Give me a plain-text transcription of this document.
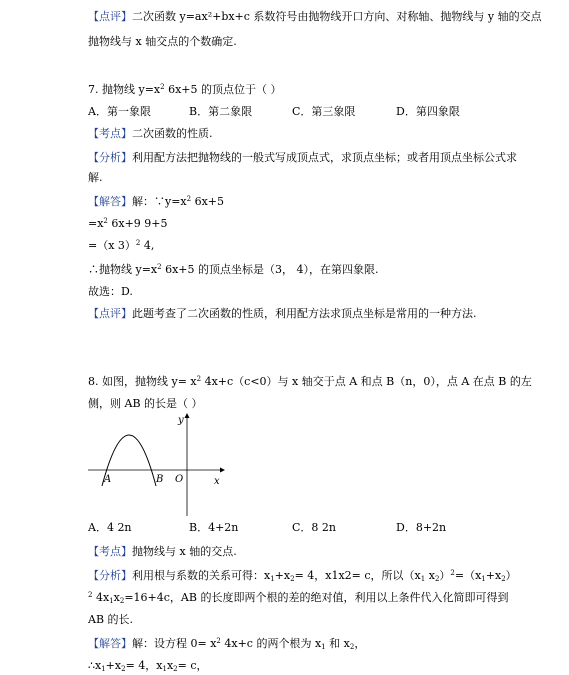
【点评】二次函数 y=ax²+bx+c 系数符号由抛物线开口方向、对称轴、抛物线与 y 轴的交点
抛物线与 x 轴交点的个数确定.
7. 抛物线 $y=x^2$ 6x+5 的顶点位于（ ）
A．第一象限	B．第二象限	C．第三象限	D．第四象限
【考点】二次函数的性质.
【分析】利用配方法把抛物线的一般式写成顶点式，求顶点坐标；或者用顶点坐标公式求
解.
【解答】解：$\because y=x^2$ 6x+5
$=x^2$ 6x+9 9+5
=（x 3）$^2$ 4,
∴抛物线 $y=x^2$ 6x+5 的顶点坐标是（3， 4），在第四象限.
故选：D.
【点评】此题考查了二次函数的性质，利用配方法求顶点坐标是常用的一种方法.
8. 如图，抛物线 $y= x^2$ 4x+c（c<0）与 x 轴交于点 A 和点 B（n，0），点 A 在点 B 的左
侧，则 AB 的长是（ ）
y
x
O
A	B
A．4 2n	B．4+2n	C．8 2n	D．8+2n
【考点】抛物线与 x 轴的交点.
【分析】利用根与系数的关系可得：$x_1+x_2= 4$，x1x2= c，所以（$x_1$ $x_2)^2=(x_1+x_2)$
$^2$ $4x_1x_2=16+4c$，AB 的长度即两个根的差的绝对值，利用以上条件代入化简即可得到
AB 的长.
【解答】解：设方程 $0= x^2$ 4x+c 的两个根为 $x_1$ 和 $x_2$，
$\therefore x_1+x_2= 4$，$x_1x_2= c$，
